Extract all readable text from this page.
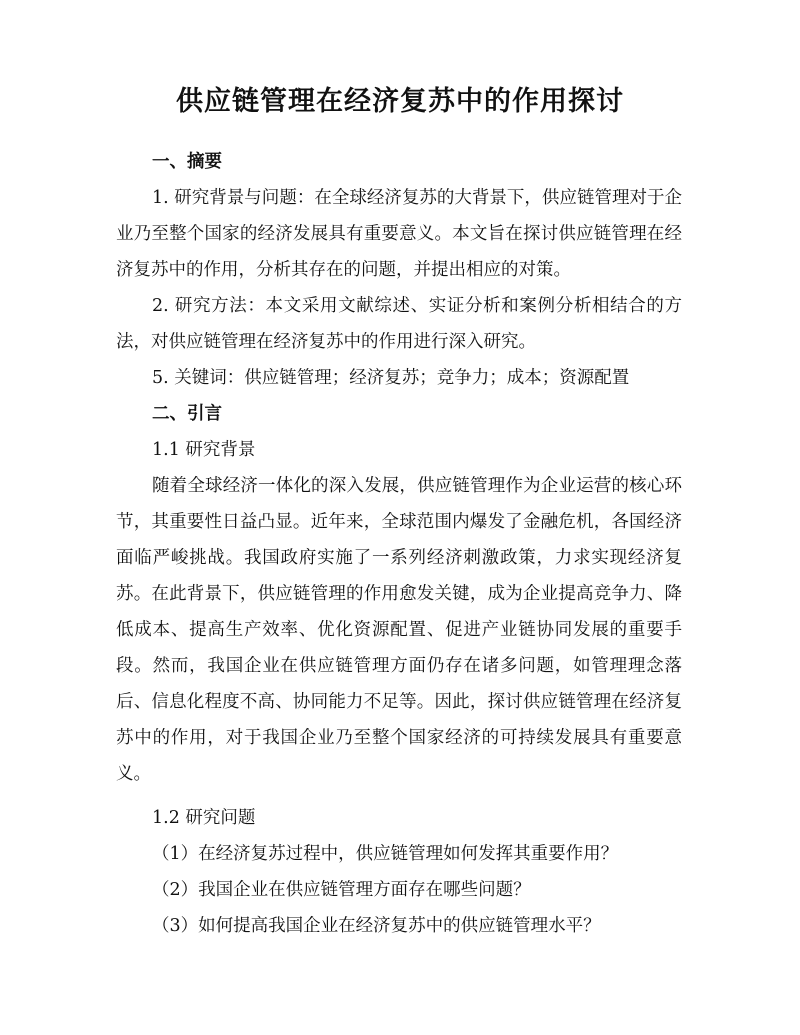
供应链管理在经济复苏中的作用探讨

一、摘要

1. 研究背景与问题：在全球经济复苏的大背景下，供应链管理对于企业乃至整个国家的经济发展具有重要意义。本文旨在探讨供应链管理在经济复苏中的作用，分析其存在的问题，并提出相应的对策。

2. 研究方法：本文采用文献综述、实证分析和案例分析相结合的方法，对供应链管理在经济复苏中的作用进行深入研究。

5. 关键词：供应链管理；经济复苏；竞争力；成本；资源配置

二、引言

1.1 研究背景

随着全球经济一体化的深入发展，供应链管理作为企业运营的核心环节，其重要性日益凸显。近年来，全球范围内爆发了金融危机，各国经济面临严峻挑战。我国政府实施了一系列经济刺激政策，力求实现经济复苏。在此背景下，供应链管理的作用愈发关键，成为企业提高竞争力、降低成本、提高生产效率、优化资源配置、促进产业链协同发展的重要手段。然而，我国企业在供应链管理方面仍存在诸多问题，如管理理念落后、信息化程度不高、协同能力不足等。因此，探讨供应链管理在经济复苏中的作用，对于我国企业乃至整个国家经济的可持续发展具有重要意义。

1.2 研究问题

（1）在经济复苏过程中，供应链管理如何发挥其重要作用？

（2）我国企业在供应链管理方面存在哪些问题？

（3）如何提高我国企业在经济复苏中的供应链管理水平？
